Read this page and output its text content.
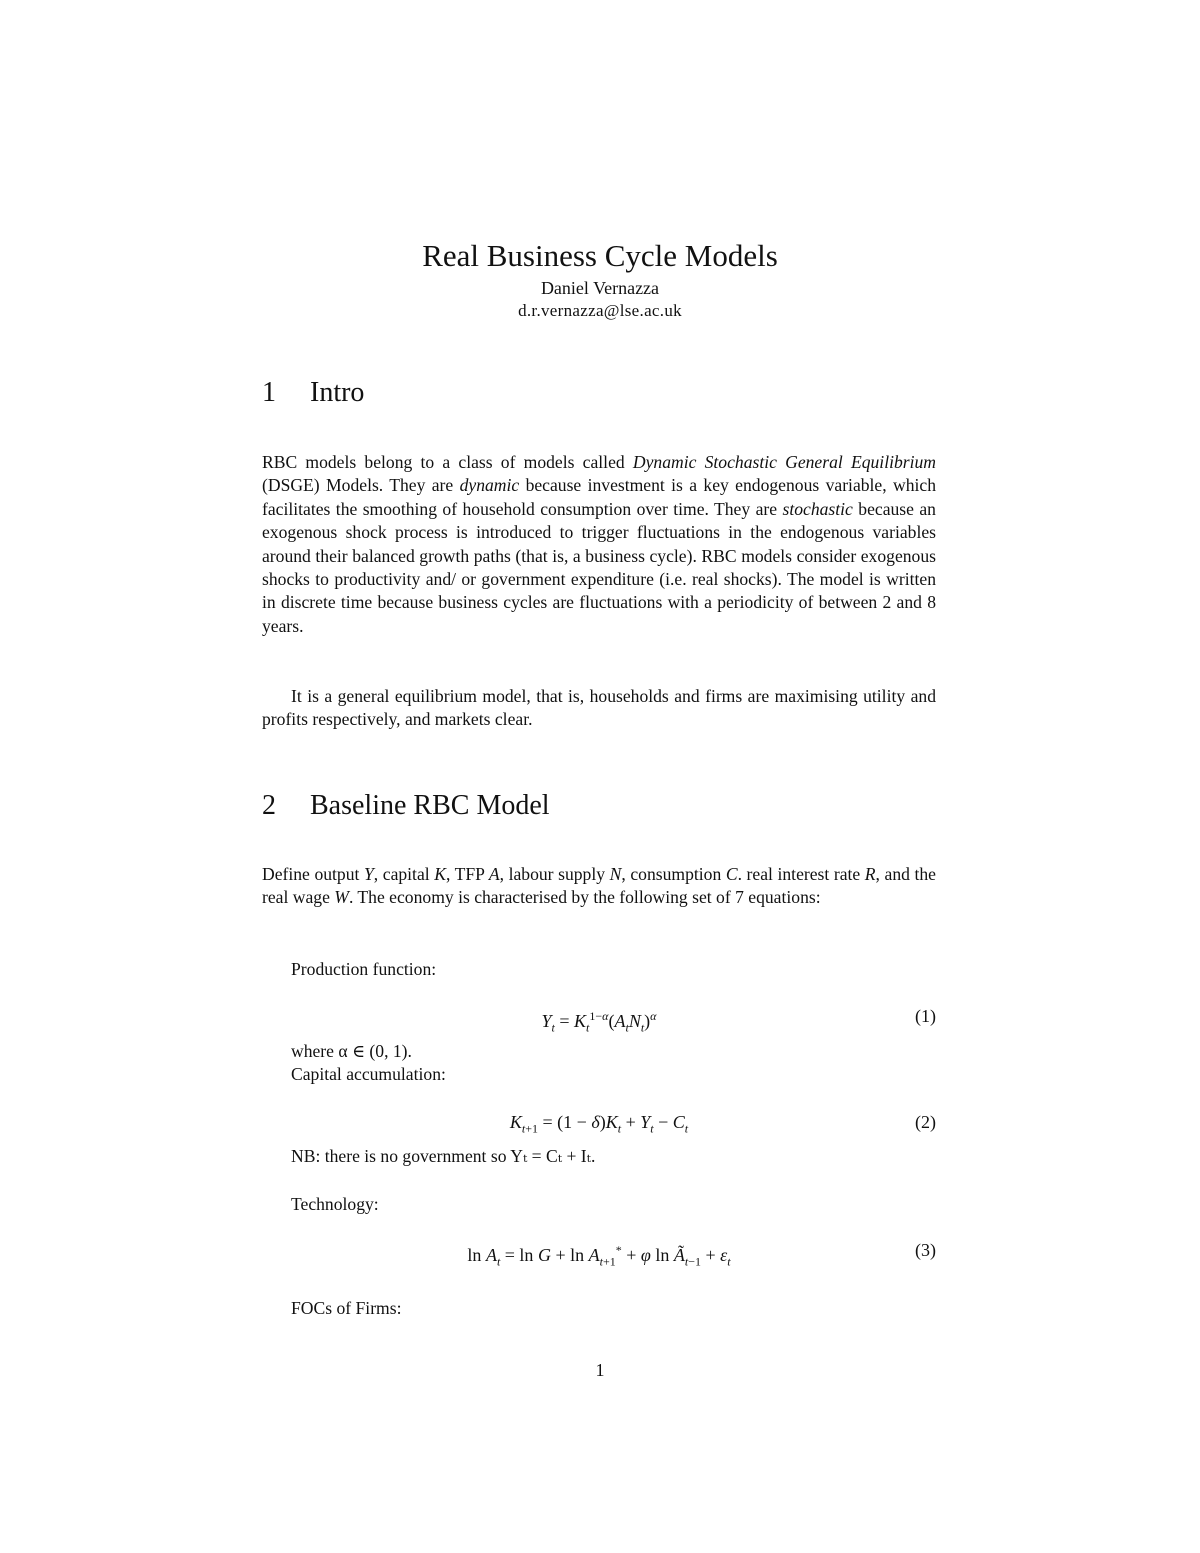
Real Business Cycle Models
Daniel Vernazza
d.r.vernazza@lse.ac.uk
1 Intro

RBC models belong to a class of models called Dynamic Stochastic General Equilibrium (DSGE) Models. They are dynamic because investment is a key endogenous variable, which facilitates the smoothing of household consumption over time. They are stochastic because an exogenous shock process is introduced to trigger fluctuations in the endogenous variables around their balanced growth paths (that is, a business cycle). RBC models consider exogenous shocks to productivity and/ or government expenditure (i.e. real shocks). The model is written in discrete time because business cycles are fluctuations with a periodicity of between 2 and 8 years.

It is a general equilibrium model, that is, households and firms are maximising utility and profits respectively, and markets clear.

2 Baseline RBC Model

Define output Y, capital K, TFP A, labour supply N, consumption C. real interest rate R, and the real wage W. The economy is characterised by the following set of 7 equations:

Production function:
$Y_t = K_t^{1-\alpha}(A_tN_t)^\alpha$	(1)
where α ∈ (0, 1).
Capital accumulation:
$K_{t+1} = (1 - \delta)K_t + Y_t - C_t$	(2)
NB: there is no government so Yₜ = Cₜ + Iₜ.
Technology:
$\ln A_t = \ln G + \ln A_{t+1}^* + \varphi$ $\ln Ã_{t-1} + \varepsilon_t$
(3)
FOCs of Firms:
1
